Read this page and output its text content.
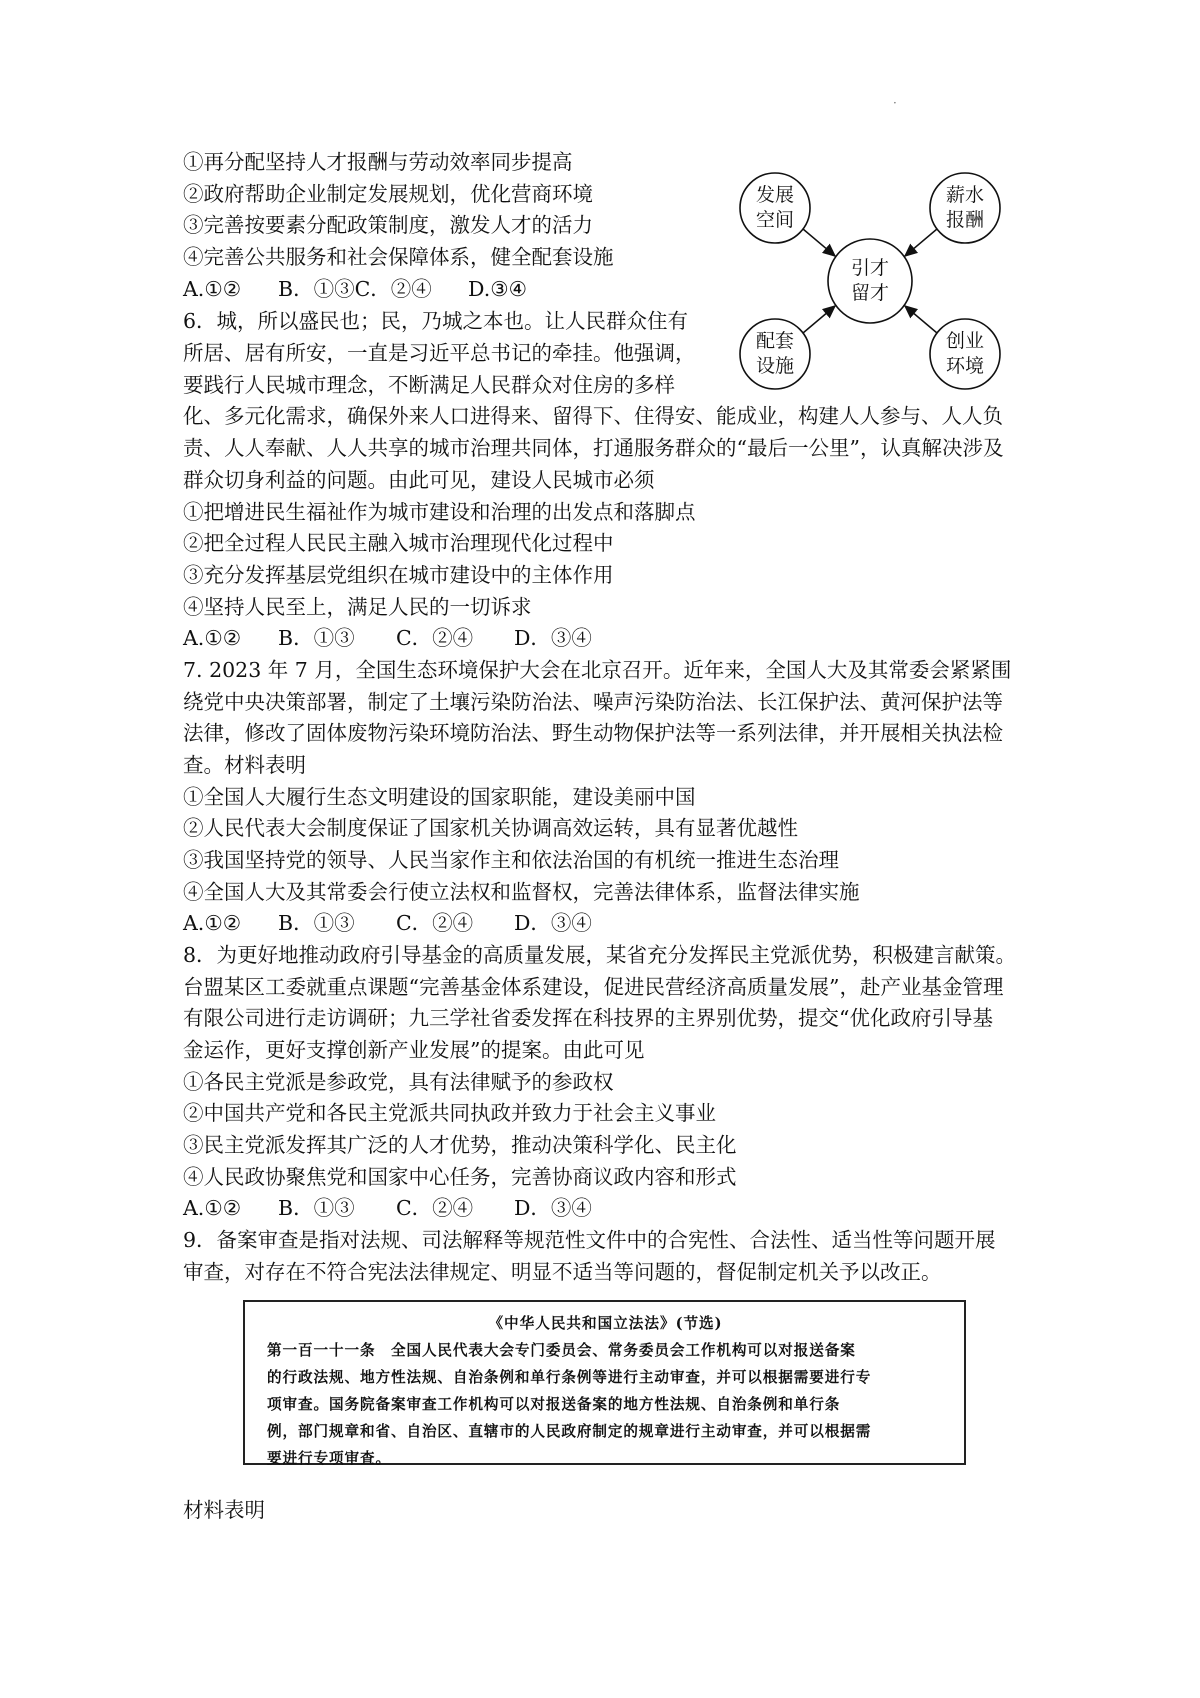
·
①再分配坚持人才报酬与劳动效率同步提高
②政府帮助企业制定发展规划，优化营商环境
③完善按要素分配政策制度，激发人才的活力
④完善公共服务和社会保障体系，健全配套设施
A.①② B．①③C．②④ D.③④
发展
空间
薪水
报酬
引才
留才
配套
设施
创业
环境
6．城，所以盛民也；民，乃城之本也。让人民群众住有
所居、居有所安，一直是习近平总书记的牵挂。他强调，
要践行人民城市理念，不断满足人民群众对住房的多样
化、多元化需求，确保外来人口进得来、留得下、住得安、能成业，构建人人参与、人人负
责、人人奉献、人人共享的城市治理共同体，打通服务群众的“最后一公里”，认真解决涉及
群众切身利益的问题。由此可见，建设人民城市必须
①把增进民生福祉作为城市建设和治理的出发点和落脚点
②把全过程人民民主融入城市治理现代化过程中
③充分发挥基层党组织在城市建设中的主体作用
④坚持人民至上，满足人民的一切诉求
A.①② B．①③ C．②④ D．③④
7. 2023 年 7 月，全国生态环境保护大会在北京召开。近年来，全国人大及其常委会紧紧围
绕党中央决策部署，制定了土壤污染防治法、噪声污染防治法、长江保护法、黄河保护法等
法律，修改了固体废物污染环境防治法、野生动物保护法等一系列法律，并开展相关执法检
查。材料表明
①全国人大履行生态文明建设的国家职能，建设美丽中国
②人民代表大会制度保证了国家机关协调高效运转，具有显著优越性
③我国坚持党的领导、人民当家作主和依法治国的有机统一推进生态治理
④全国人大及其常委会行使立法权和监督权，完善法律体系，监督法律实施
A.①② B．①③ C．②④ D．③④
8．为更好地推动政府引导基金的高质量发展，某省充分发挥民主党派优势，积极建言献策。
台盟某区工委就重点课题“完善基金体系建设，促进民营经济高质量发展”，赴产业基金管理
有限公司进行走访调研；九三学社省委发挥在科技界的主界别优势，提交“优化政府引导基
金运作，更好支撑创新产业发展”的提案。由此可见
①各民主党派是参政党，具有法律赋予的参政权
②中国共产党和各民主党派共同执政并致力于社会主义事业
③民主党派发挥其广泛的人才优势，推动决策科学化、民主化
④人民政协聚焦党和国家中心任务，完善协商议政内容和形式
A.①② B．①③ C．②④ D．③④
9．备案审查是指对法规、司法解释等规范性文件中的合宪性、合法性、适当性等问题开展
审查，对存在不符合宪法法律规定、明显不适当等问题的，督促制定机关予以改正。
《中华人民共和国立法法》(节选)
第一百一十一条　全国人民代表大会专门委员会、常务委员会工作机构可以对报送备案
的行政法规、地方性法规、自治条例和单行条例等进行主动审查，并可以根据需要进行专
项审查。国务院备案审查工作机构可以对报送备案的地方性法规、自治条例和单行条
例，部门规章和省、自治区、直辖市的人民政府制定的规章进行主动审查，并可以根据需
要进行专项审查。
材料表明
